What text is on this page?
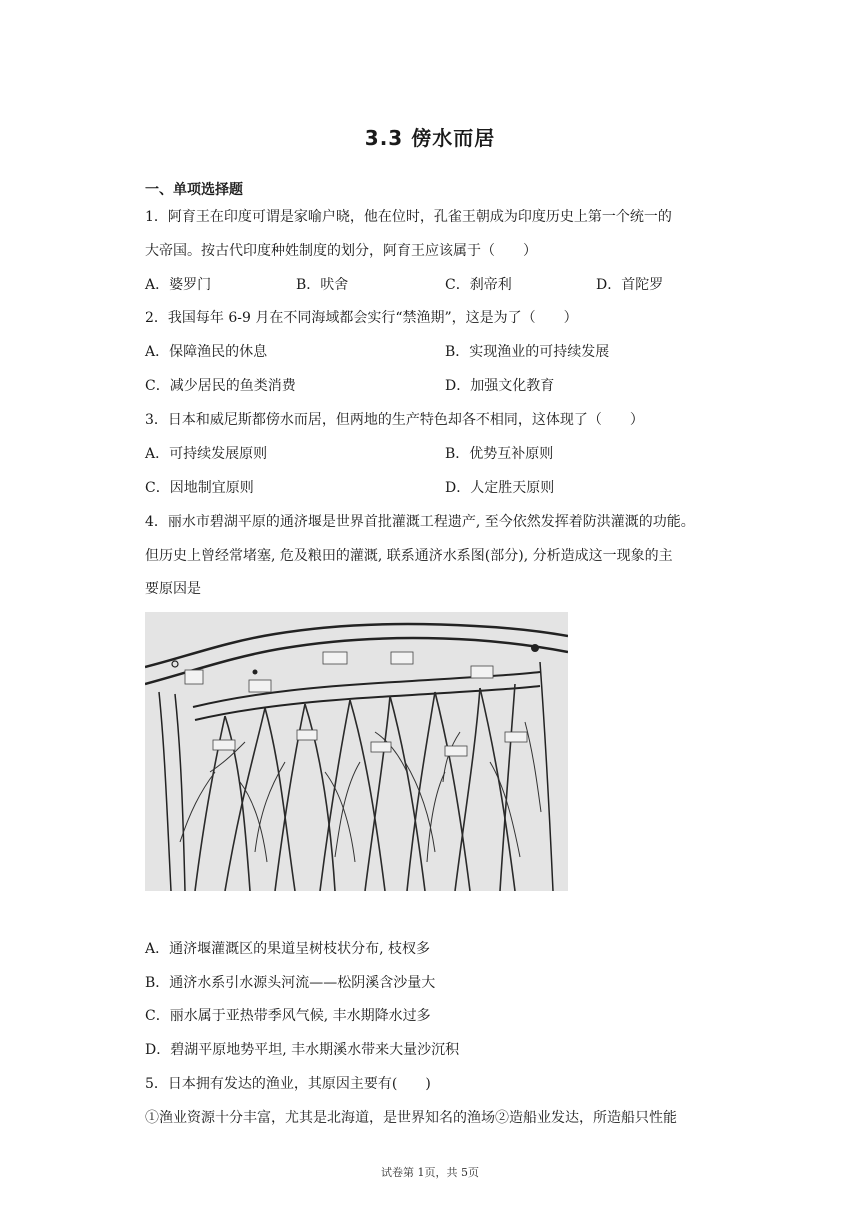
3.3 傍水而居
一、单项选择题
1．阿育王在印度可谓是家喻户晓，他在位时，孔雀王朝成为印度历史上第一个统一的
大帝国。按古代印度种姓制度的划分，阿育王应该属于（　　）
A．婆罗门	B．吠舍	C．刹帝利	D．首陀罗
2．我国每年 6-9 月在不同海域都会实行“禁渔期”，这是为了（　　）
A．保障渔民的休息	B．实现渔业的可持续发展
C．减少居民的鱼类消费	D．加强文化教育
3．日本和威尼斯都傍水而居，但两地的生产特色却各不相同，这体现了（　　）
A．可持续发展原则	B．优势互补原则
C．因地制宜原则	D．人定胜天原则
4．丽水市碧湖平原的通济堰是世界首批灌溉工程遗产, 至今依然发挥着防洪灌溉的功能。
但历史上曾经常堵塞, 危及粮田的灌溉, 联系通济水系图(部分), 分析造成这一现象的主
要原因是
A．通济堰灌溉区的果道呈树枝状分布, 枝杈多
B．通济水系引水源头河流——松阴溪含沙量大
C．丽水属于亚热带季风气候, 丰水期降水过多
D．碧湖平原地势平坦, 丰水期溪水带来大量沙沉积
5．日本拥有发达的渔业，其原因主要有(　　)
①渔业资源十分丰富，尤其是北海道，是世界知名的渔场②造船业发达，所造船只性能
试卷第 1页，共 5页
